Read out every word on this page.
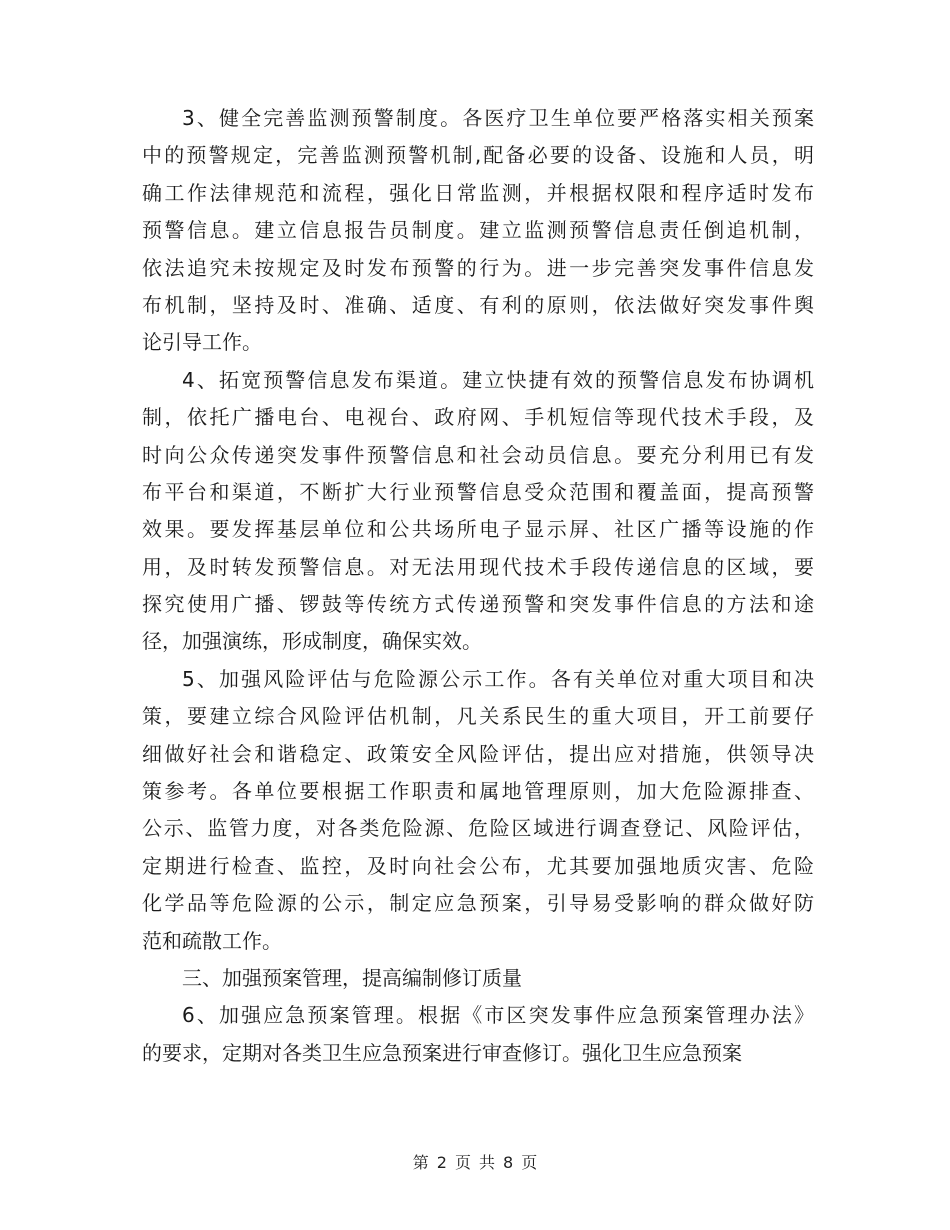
3、健全完善监测预警制度。各医疗卫生单位要严格落实相关预案
中的预警规定，完善监测预警机制,配备必要的设备、设施和人员，明
确工作法律规范和流程，强化日常监测，并根据权限和程序适时发布
预警信息。建立信息报告员制度。建立监测预警信息责任倒追机制，
依法追究未按规定及时发布预警的行为。进一步完善突发事件信息发
布机制，坚持及时、准确、适度、有利的原则，依法做好突发事件舆
论引导工作。
4、拓宽预警信息发布渠道。建立快捷有效的预警信息发布协调机
制，依托广播电台、电视台、政府网、手机短信等现代技术手段，及
时向公众传递突发事件预警信息和社会动员信息。要充分利用已有发
布平台和渠道，不断扩大行业预警信息受众范围和覆盖面，提高预警
效果。要发挥基层单位和公共场所电子显示屏、社区广播等设施的作
用，及时转发预警信息。对无法用现代技术手段传递信息的区域，要
探究使用广播、锣鼓等传统方式传递预警和突发事件信息的方法和途
径，加强演练，形成制度，确保实效。
5、加强风险评估与危险源公示工作。各有关单位对重大项目和决
策，要建立综合风险评估机制，凡关系民生的重大项目，开工前要仔
细做好社会和谐稳定、政策安全风险评估，提出应对措施，供领导决
策参考。各单位要根据工作职责和属地管理原则，加大危险源排查、
公示、监管力度，对各类危险源、危险区域进行调查登记、风险评估，
定期进行检查、监控，及时向社会公布，尤其要加强地质灾害、危险
化学品等危险源的公示，制定应急预案，引导易受影响的群众做好防
范和疏散工作。
三、加强预案管理，提高编制修订质量
6、加强应急预案管理。根据《市区突发事件应急预案管理办法》
的要求，定期对各类卫生应急预案进行审查修订。强化卫生应急预案
第 2 页 共 8 页
